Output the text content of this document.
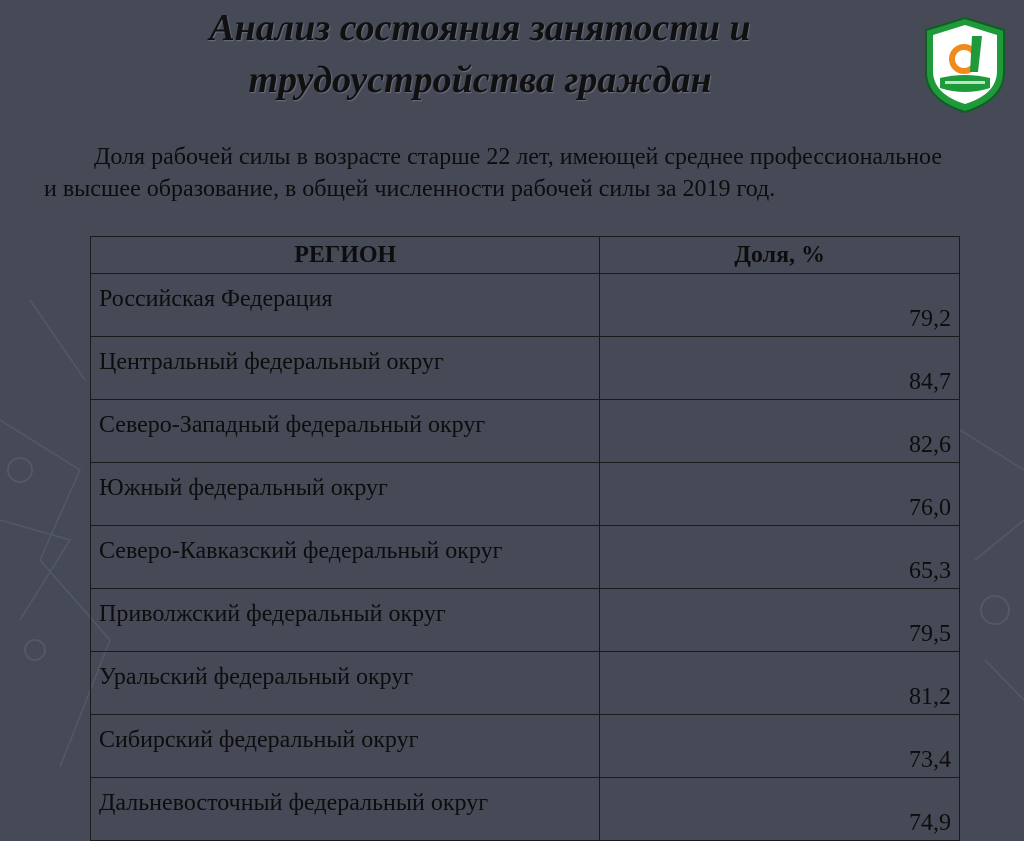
Анализ состояния занятости и
трудоустройства граждан

Доля рабочей силы в возрасте старше 22 лет, имеющей среднее профессиональное и высшее образование, в общей численности рабочей силы за 2019 год.

РЕГИОН	Доля, %
Российская Федерация	79,2
Центральный федеральный округ	84,7
Северо-Западный федеральный округ	82,6
Южный федеральный округ	76,0
Северо-Кавказский федеральный округ	65,3
Приволжский федеральный округ	79,5
Уральский федеральный округ	81,2
Сибирский федеральный округ	73,4
Дальневосточный федеральный округ	74,9
